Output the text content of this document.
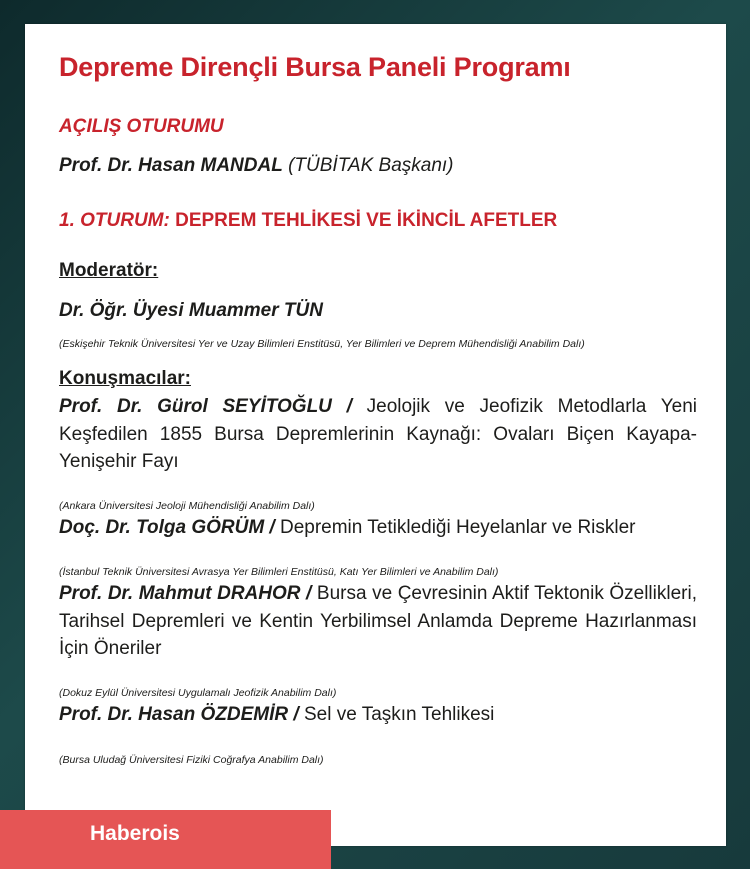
Depreme Dirençli Bursa Paneli Programı
AÇILIŞ OTURUMU
Prof. Dr. Hasan MANDAL (TÜBİTAK Başkanı)
1. OTURUM: DEPREM TEHLİKESİ VE İKİNCİL AFETLER
Moderatör:
Dr. Öğr. Üyesi Muammer TÜN
(Eskişehir Teknik Üniversitesi Yer ve Uzay Bilimleri Enstitüsü, Yer Bilimleri ve Deprem Mühendisliği Anabilim Dalı)
Konuşmacılar:
Prof. Dr. Gürol SEYİTOĞLU / Jeolojik ve Jeofizik Metodlarla Yeni Keşfedilen 1855 Bursa Depremlerinin Kaynağı: Ovaları Biçen Kayapa-Yenişehir Fayı
(Ankara Üniversitesi Jeoloji Mühendisliği Anabilim Dalı)
Doç. Dr. Tolga GÖRÜM / Depremin Tetiklediği Heyelanlar ve Riskler
(İstanbul Teknik Üniversitesi Avrasya Yer Bilimleri Enstitüsü, Katı Yer Bilimleri ve Anabilim Dalı)
Prof. Dr. Mahmut DRAHOR / Bursa ve Çevresinin Aktif Tektonik Özellikleri, Tarihsel Depremleri ve Kentin Yerbilimsel Anlamda Depreme Hazırlanması İçin Öneriler
(Dokuz Eylül Üniversitesi Uygulamalı Jeofizik Anabilim Dalı)
Prof. Dr. Hasan ÖZDEMİR / Sel ve Taşkın Tehlikesi
(Bursa Uludağ Üniversitesi Fiziki Coğrafya Anabilim Dalı)
Haberois
